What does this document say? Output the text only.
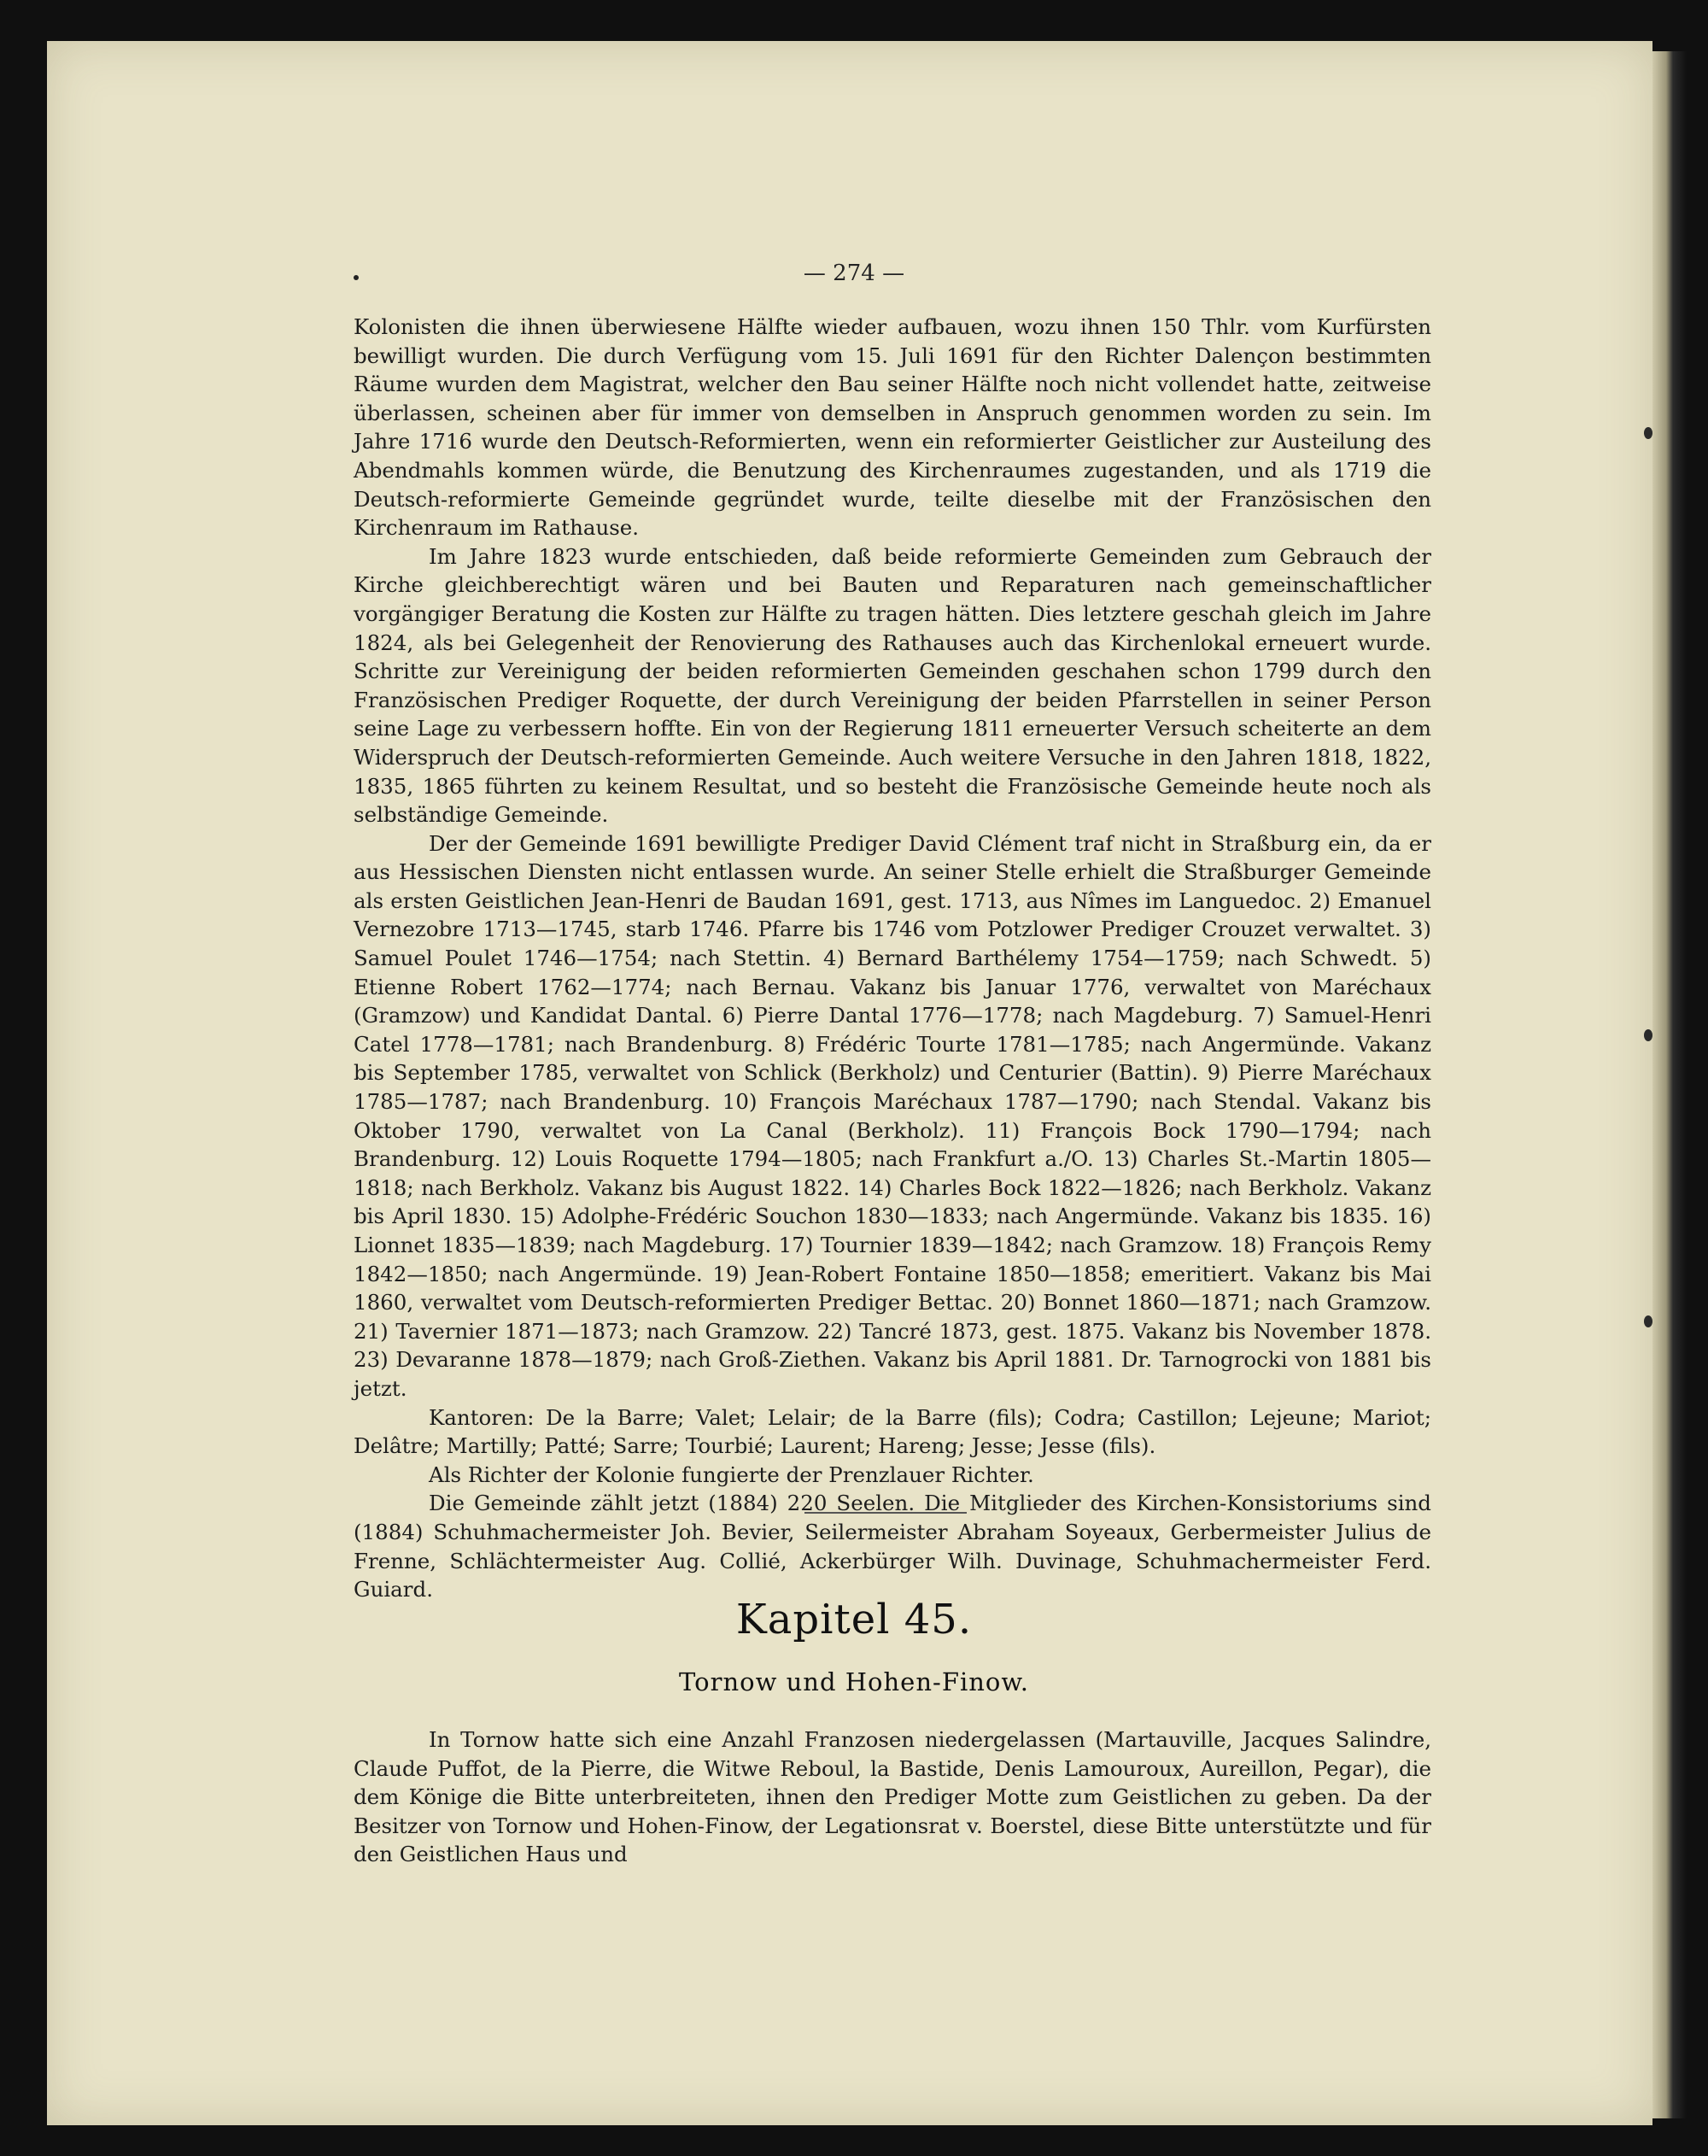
— 274 —

Kolonisten die ihnen überwiesene Hälfte wieder aufbauen, wozu ihnen 150 Thlr. vom Kurfürsten bewilligt wurden. Die durch Verfügung vom 15. Juli 1691 für den Richter Dalençon bestimmten Räume wurden dem Magistrat, welcher den Bau seiner Hälfte noch nicht vollendet hatte, zeitweise überlassen, scheinen aber für immer von demselben in Anspruch genommen worden zu sein. Im Jahre 1716 wurde den Deutsch-Reformierten, wenn ein reformierter Geistlicher zur Austeilung des Abendmahls kommen würde, die Benutzung des Kirchenraumes zugestanden, und als 1719 die Deutsch-reformierte Gemeinde gegründet wurde, teilte dieselbe mit der Französischen den Kirchenraum im Rathause.

Im Jahre 1823 wurde entschieden, daß beide reformierte Gemeinden zum Gebrauch der Kirche gleichberechtigt wären und bei Bauten und Reparaturen nach gemeinschaftlicher vorgängiger Beratung die Kosten zur Hälfte zu tragen hätten. Dies letztere geschah gleich im Jahre 1824, als bei Gelegenheit der Renovierung des Rathauses auch das Kirchenlokal erneuert wurde. Schritte zur Vereinigung der beiden reformierten Gemeinden geschahen schon 1799 durch den Französischen Prediger Roquette, der durch Vereinigung der beiden Pfarrstellen in seiner Person seine Lage zu verbessern hoffte. Ein von der Regierung 1811 erneuerter Versuch scheiterte an dem Widerspruch der Deutsch-reformierten Gemeinde. Auch weitere Versuche in den Jahren 1818, 1822, 1835, 1865 führten zu keinem Resultat, und so besteht die Französische Gemeinde heute noch als selbständige Gemeinde.

Der der Gemeinde 1691 bewilligte Prediger David Clément traf nicht in Straßburg ein, da er aus Hessischen Diensten nicht entlassen wurde. An seiner Stelle erhielt die Straßburger Gemeinde als ersten Geistlichen Jean-Henri de Baudan 1691, gest. 1713, aus Nîmes im Languedoc. 2) Emanuel Vernezobre 1713—1745, starb 1746. Pfarre bis 1746 vom Potzlower Prediger Crouzet verwaltet. 3) Samuel Poulet 1746—1754; nach Stettin. 4) Bernard Barthélemy 1754—1759; nach Schwedt. 5) Etienne Robert 1762—1774; nach Bernau. Vakanz bis Januar 1776, verwaltet von Maréchaux (Gramzow) und Kandidat Dantal. 6) Pierre Dantal 1776—1778; nach Magdeburg. 7) Samuel-Henri Catel 1778—1781; nach Brandenburg. 8) Frédéric Tourte 1781—1785; nach Angermünde. Vakanz bis September 1785, verwaltet von Schlick (Berkholz) und Centurier (Battin). 9) Pierre Maréchaux 1785—1787; nach Brandenburg. 10) François Maréchaux 1787—1790; nach Stendal. Vakanz bis Oktober 1790, verwaltet von La Canal (Berkholz). 11) François Bock 1790—1794; nach Brandenburg. 12) Louis Roquette 1794—1805; nach Frankfurt a./O. 13) Charles St.-Martin 1805—1818; nach Berkholz. Vakanz bis August 1822. 14) Charles Bock 1822—1826; nach Berkholz. Vakanz bis April 1830. 15) Adolphe-Frédéric Souchon 1830—1833; nach Angermünde. Vakanz bis 1835. 16) Lionnet 1835—1839; nach Magdeburg. 17) Tournier 1839—1842; nach Gramzow. 18) François Remy 1842—1850; nach Angermünde. 19) Jean-Robert Fontaine 1850—1858; emeritiert. Vakanz bis Mai 1860, verwaltet vom Deutsch-reformierten Prediger Bettac. 20) Bonnet 1860—1871; nach Gramzow. 21) Tavernier 1871—1873; nach Gramzow. 22) Tancré 1873, gest. 1875. Vakanz bis November 1878. 23) Devaranne 1878—1879; nach Groß-Ziethen. Vakanz bis April 1881. Dr. Tarnogrocki von 1881 bis jetzt.

Kantoren: De la Barre; Valet; Lelair; de la Barre (fils); Codra; Castillon; Lejeune; Mariot; Delâtre; Martilly; Patté; Sarre; Tourbié; Laurent; Hareng; Jesse; Jesse (fils).

Als Richter der Kolonie fungierte der Prenzlauer Richter.

Die Gemeinde zählt jetzt (1884) 220 Seelen. Die Mitglieder des Kirchen-Konsistoriums sind (1884) Schuhmachermeister Joh. Bevier, Seilermeister Abraham Soyeaux, Gerbermeister Julius de Frenne, Schlächtermeister Aug. Collié, Ackerbürger Wilh. Duvinage, Schuhmachermeister Ferd. Guiard.

Kapitel 45.
Tornow und Hohen-Finow.

In Tornow hatte sich eine Anzahl Franzosen niedergelassen (Martauville, Jacques Salindre, Claude Puffot, de la Pierre, die Witwe Reboul, la Bastide, Denis Lamouroux, Aureillon, Pegar), die dem Könige die Bitte unterbreiteten, ihnen den Prediger Motte zum Geistlichen zu geben. Da der Besitzer von Tornow und Hohen-Finow, der Legationsrat v. Boerstel, diese Bitte unterstützte und für den Geistlichen Haus und
